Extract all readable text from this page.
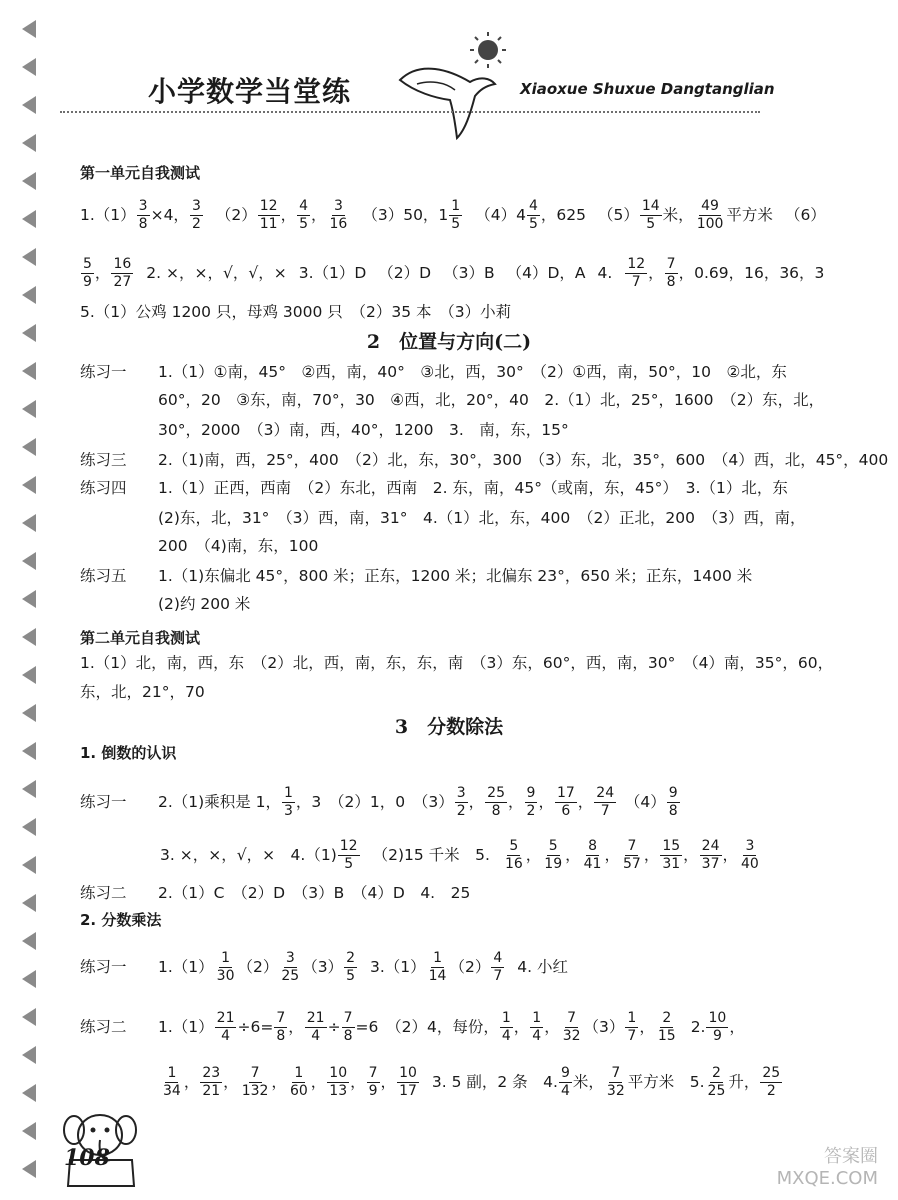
小学数学当堂练	Xiaoxue Shuxue Dangtanglian
第一单元自我测试
$1.(1) \frac{3}{8} \times 4$， $\frac{3}{2} (2) \frac{12}{11}$ ， $\frac{4}{5}$ ， $\frac{3}{16} (3)50$，$1 \frac{1}{5} (4)4 \frac{4}{5}$ ，625 $(5) \frac{14}{5}$ 米， $\frac{49}{100}$ 平方米 （6）
$\frac{5}{9}$ ， $\frac{16}{27} 2$. ×，×，√，√，× 3.（1）D （2）D （3）B （4）D，A 4. $\frac{12}{7}$ ， $\frac{7}{8}$ ，0.69，16，36，3
5.（1）公鸡 1200 只，母鸡 3000 只　（2）35 本　（3）小莉
2　位置与方向(二)
练习一 1.（1）①南，45°　②西，南，40°　③北，西，30°　（2）①西，南，50°，10　②北，东
60°，20　③东，南，70°，30　④西，北，20°，40　2.（1）北，25°，1600　（2）东，北，
30°，2000　（3）南，西，40°，1200　3.　南，东，15°
练习三 2.（1)南，西，25°，400　（2）北，东，30°，300　（3）东，北，35°，600　（4）西，北，45°，400
练习四 1.（1）正西，西南　（2）东北，西南　2. 东，南，45°（或南，东，45°）　3.（1）北，东
(2)东，北，31°　（3）西，南，31°　4.（1）北，东，400　（2）正北，200　（3）西，南，
200　（4)南，东，100
练习五 1.（1)东偏北 45°，800 米；正东，1200 米；北偏东 23°，650 米；正东，1400 米
(2)约 200 米
第二单元自我测试
1.（1）北，南，西，东　（2）北，西，南，东，东，南　（3）东，60°，西，南，30°　（4）南，35°，60，
东，北，21°，70
3　分数除法
1. 倒数的认识
练习一 2.（1)乘积是 1， $\frac{1}{3}$ ，3　（2）1，0　$(3) \frac{3}{2}$ ， $\frac{25}{8}$ ， $\frac{9}{2}$ ， $\frac{17}{6}$ ， $\frac{24}{7}$ 　$(4) \frac{9}{8}$
3. ×，×，√，×　$4.(1) \frac{12}{5} (2)15$ 千米　5. $\frac{5}{16}$ ， $\frac{5}{19}$ ， $\frac{8}{41}$ ， $\frac{7}{57}$ ， $\frac{15}{31}$ ， $\frac{24}{37}$ ， $\frac{3}{40}$
练习二 2.（1）C　（2）D　（3）B　（4）D　4.　25
2. 分数乘法
练习一 $1.(1) \frac{1}{30} (2) \frac{3}{25} (3) \frac{2}{5} 3.(1) \frac{1}{14} (2) \frac{4}{7} 4$. 小红
练习二 $1.(1) \frac{21}{4} \div 6= \frac{7}{8}$ ， $\frac{21}{4} \div \frac{7}{8} =6$　（2）4，每份， $\frac{1}{4}$ ， $\frac{1}{4}$ ， $\frac{7}{32} (3) \frac{1}{7}$ ， $\frac{2}{15} 2$. $\frac{10}{9}$ ，
$\frac{1}{34}$ ， $\frac{23}{21}$ ， $\frac{7}{132}$ ， $\frac{1}{60}$ ， $\frac{10}{13}$ ， $\frac{7}{9}$ ， $\frac{10}{17} 3$. 5 副，2 条　4. $\frac{9}{4}$ 米， $\frac{7}{32}$ 平方米　5. $\frac{2}{25}$ 升， $\frac{25}{2}$
108	答案圈
MXQE.COM
